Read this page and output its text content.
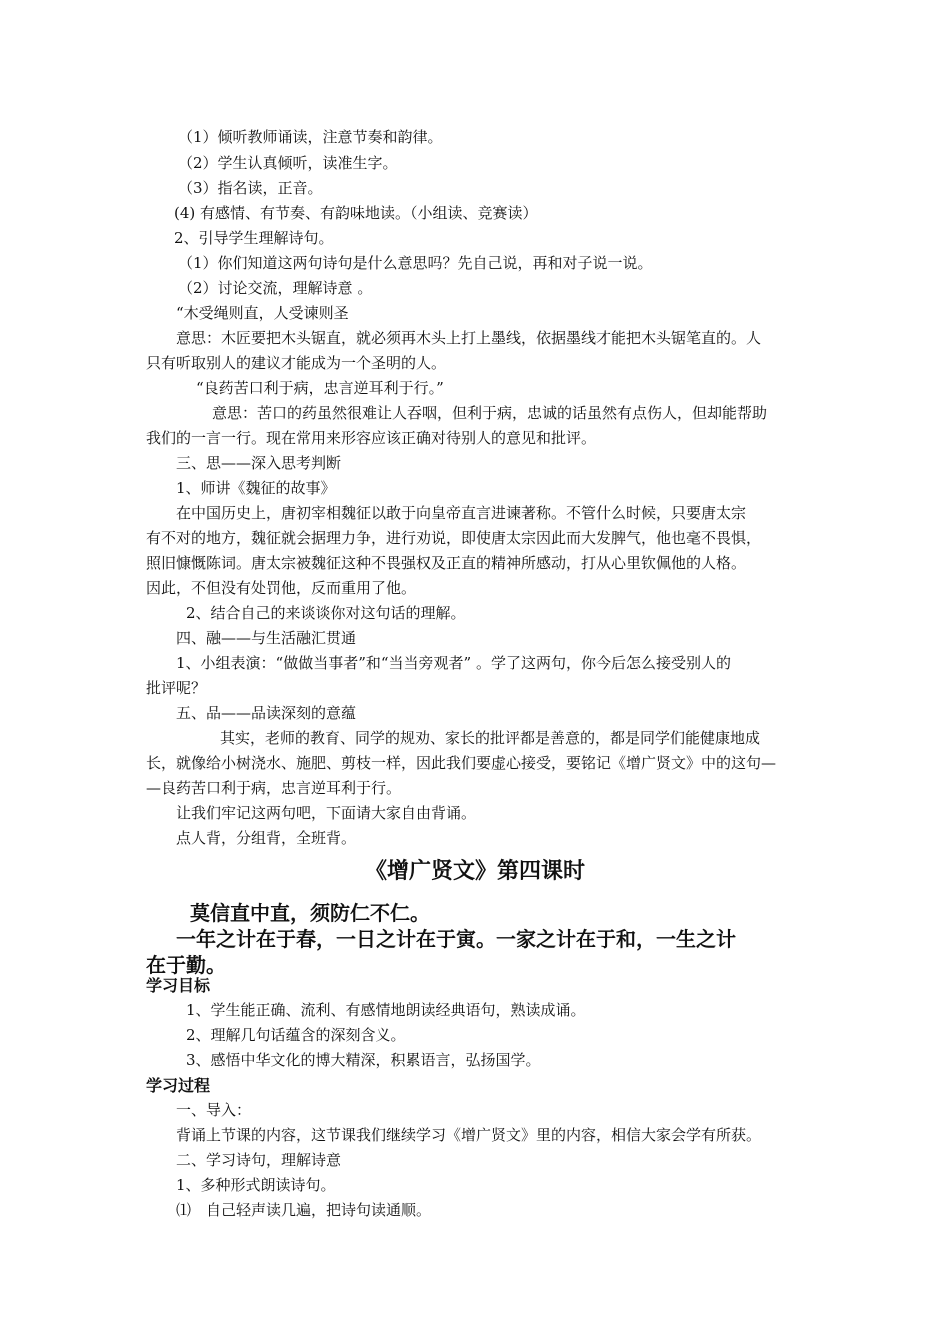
（1）倾听教师诵读，注意节奏和韵律。
（2）学生认真倾听，读准生字。
（3）指名读，正音。
(4) 有感情、有节奏、有韵味地读。（小组读、竞赛读）
2、引导学生理解诗句。
（1）你们知道这两句诗句是什么意思吗？先自己说，再和对子说一说。
（2）讨论交流，理解诗意 。
“木受绳则直，人受谏则圣
意思：木匠要把木头锯直，就必须再木头上打上墨线，依据墨线才能把木头锯笔直的。人
只有听取别人的建议才能成为一个圣明的人。
“良药苦口利于病，忠言逆耳利于行。”
意思：苦口的药虽然很难让人吞咽，但利于病，忠诚的话虽然有点伤人，但却能帮助
我们的一言一行。现在常用来形容应该正确对待别人的意见和批评。
三、思——深入思考判断
1、师讲《魏征的故事》
在中国历史上，唐初宰相魏征以敢于向皇帝直言进谏著称。不管什么时候，只要唐太宗
有不对的地方，魏征就会据理力争，进行劝说，即使唐太宗因此而大发脾气，他也毫不畏惧，
照旧慷慨陈词。唐太宗被魏征这种不畏强权及正直的精神所感动，打从心里钦佩他的人格。
因此，不但没有处罚他，反而重用了他。
2、结合自己的来谈谈你对这句话的理解。
四、融——与生活融汇贯通
1、小组表演：“做做当事者”和“当当旁观者” 。学了这两句，你今后怎么接受别人的
批评呢？
五、品——品读深刻的意蕴
其实，老师的教育、同学的规劝、家长的批评都是善意的，都是同学们能健康地成
长，就像给小树浇水、施肥、剪枝一样，因此我们要虚心接受，要铭记《增广贤文》中的这句—
—良药苦口利于病，忠言逆耳利于行。
让我们牢记这两句吧，下面请大家自由背诵。
点人背，分组背，全班背。
《增广贤文》第四课时
莫信直中直，须防仁不仁。
一年之计在于春，一日之计在于寅。一家之计在于和，一生之计
在于勤。
学习目标
1、学生能正确、流利、有感情地朗读经典语句，熟读成诵。
2、理解几句话蕴含的深刻含义。
3、感悟中华文化的博大精深，积累语言，弘扬国学。
学习过程
一、导入：
背诵上节课的内容，这节课我们继续学习《增广贤文》里的内容，相信大家会学有所获。
二、学习诗句，理解诗意
1、多种形式朗读诗句。
⑴　自己轻声读几遍，把诗句读通顺。
